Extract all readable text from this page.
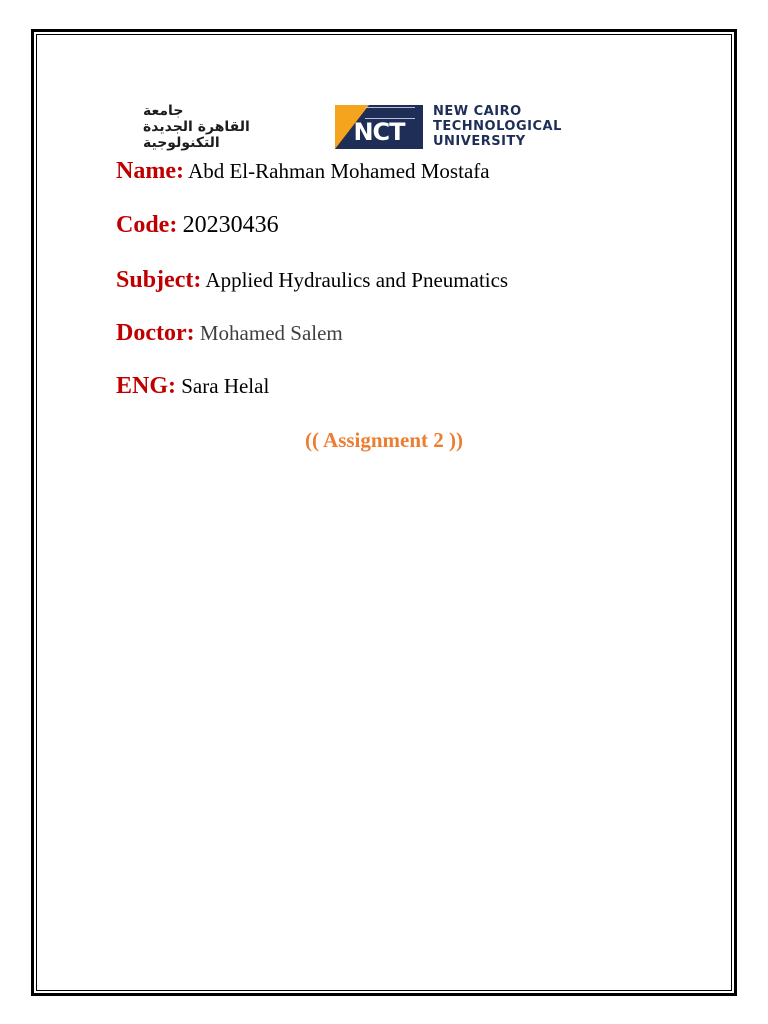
جامعة
القاهرة الجديدة
التكنولوجية	NCT
NEW CAIRO
TECHNOLOGICAL
UNIVERSITY
Name: Abd El-Rahman Mohamed Mostafa
Code: 20230436
Subject: Applied Hydraulics and Pneumatics
Doctor: Mohamed Salem
ENG: Sara Helal
(( Assignment 2 ))
